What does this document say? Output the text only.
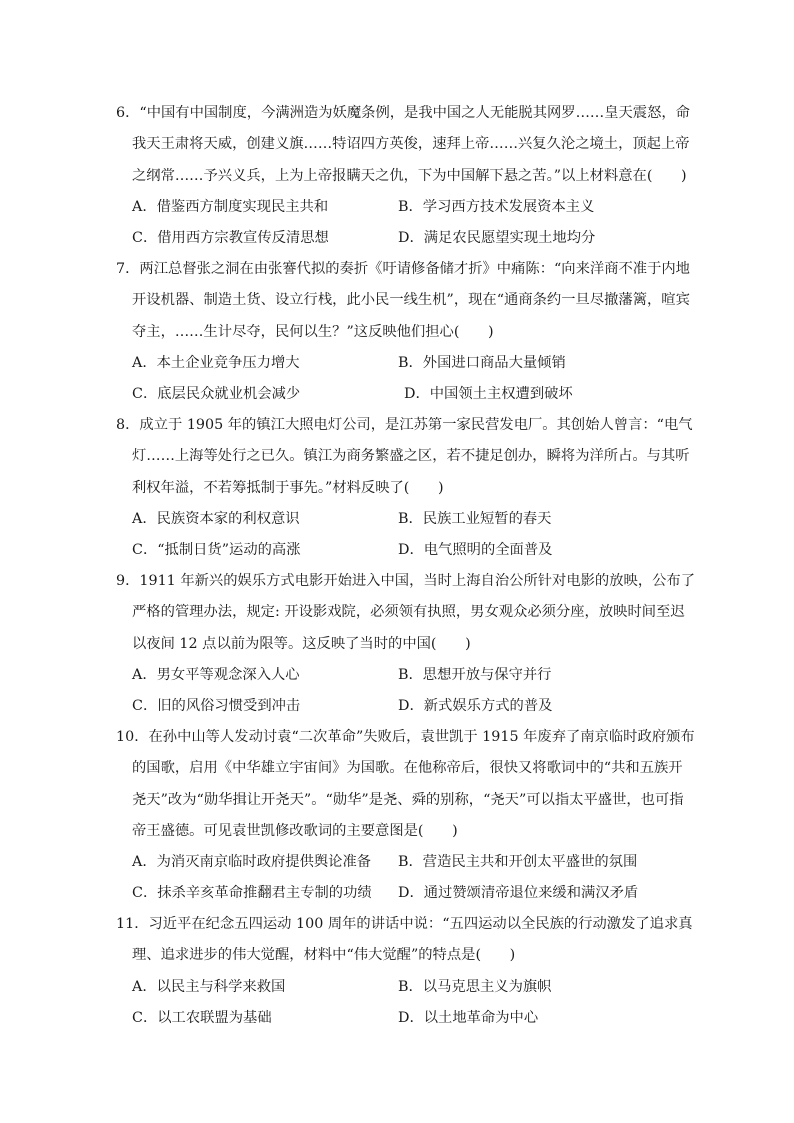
6．“中国有中国制度，今满洲造为妖魔条例，是我中国之人无能脱其网罗……皇天震怒，命
我天王肃将天威，创建义旗……特诏四方英俊，速拜上帝……兴复久沦之境土，顶起上帝
之纲常……予兴义兵，上为上帝报瞒天之仇，下为中国解下悬之苦。”以上材料意在(　　)
A．借鉴西方制度实现民主共和	B．学习西方技术发展资本主义
C．借用西方宗教宣传反清思想	D．满足农民愿望实现土地均分
7．两江总督张之洞在由张謇代拟的奏折《吁请修备储才折》中痛陈：“向来洋商不准于内地
开设机器、制造土货、设立行栈，此小民一线生机”，现在“通商条约一旦尽撤藩篱，喧宾
夺主，……生计尽夺，民何以生？”这反映他们担心(　　)
A．本土企业竞争压力增大	B．外国进口商品大量倾销
C．底层民众就业机会减少	D．中国领土主权遭到破坏
8．成立于 1905 年的镇江大照电灯公司，是江苏第一家民营发电厂。其创始人曾言：“电气
灯……上海等处行之已久。镇江为商务繁盛之区，若不捷足创办，瞬将为洋所占。与其听
利权年溢，不若筹抵制于事先。”材料反映了(　　)
A．民族资本家的利权意识	B．民族工业短暂的春天
C．“抵制日货”运动的高涨	D．电气照明的全面普及
9．1911 年新兴的娱乐方式电影开始进入中国，当时上海自治公所针对电影的放映，公布了
严格的管理办法，规定: 开设影戏院，必须领有执照，男女观众必须分座，放映时间至迟
以夜间 12 点以前为限等。这反映了当时的中国(　　)
A．男女平等观念深入人心	B．思想开放与保守并行
C．旧的风俗习惯受到冲击	D．新式娱乐方式的普及
10．在孙中山等人发动讨袁“二次革命”失败后，袁世凯于 1915 年废弃了南京临时政府颁布
的国歌，启用《中华雄立宇宙间》为国歌。在他称帝后，很快又将歌词中的“共和五族开
尧天”改为“勋华揖让开尧天”。“勋华”是尧、舜的别称，“尧天”可以指太平盛世，也可指
帝王盛德。可见袁世凯修改歌词的主要意图是(　　)
A．为消灭南京临时政府提供舆论准备 B．营造民主共和开创太平盛世的氛围
C．抹杀辛亥革命推翻君主专制的功绩 D．通过赞颂清帝退位来缓和满汉矛盾
11．习近平在纪念五四运动 100 周年的讲话中说：“五四运动以全民族的行动激发了追求真
理、追求进步的伟大觉醒，材料中“伟大觉醒”的特点是(　　)
A．以民主与科学来救国	B．以马克思主义为旗帜
C．以工农联盟为基础	D．以土地革命为中心
